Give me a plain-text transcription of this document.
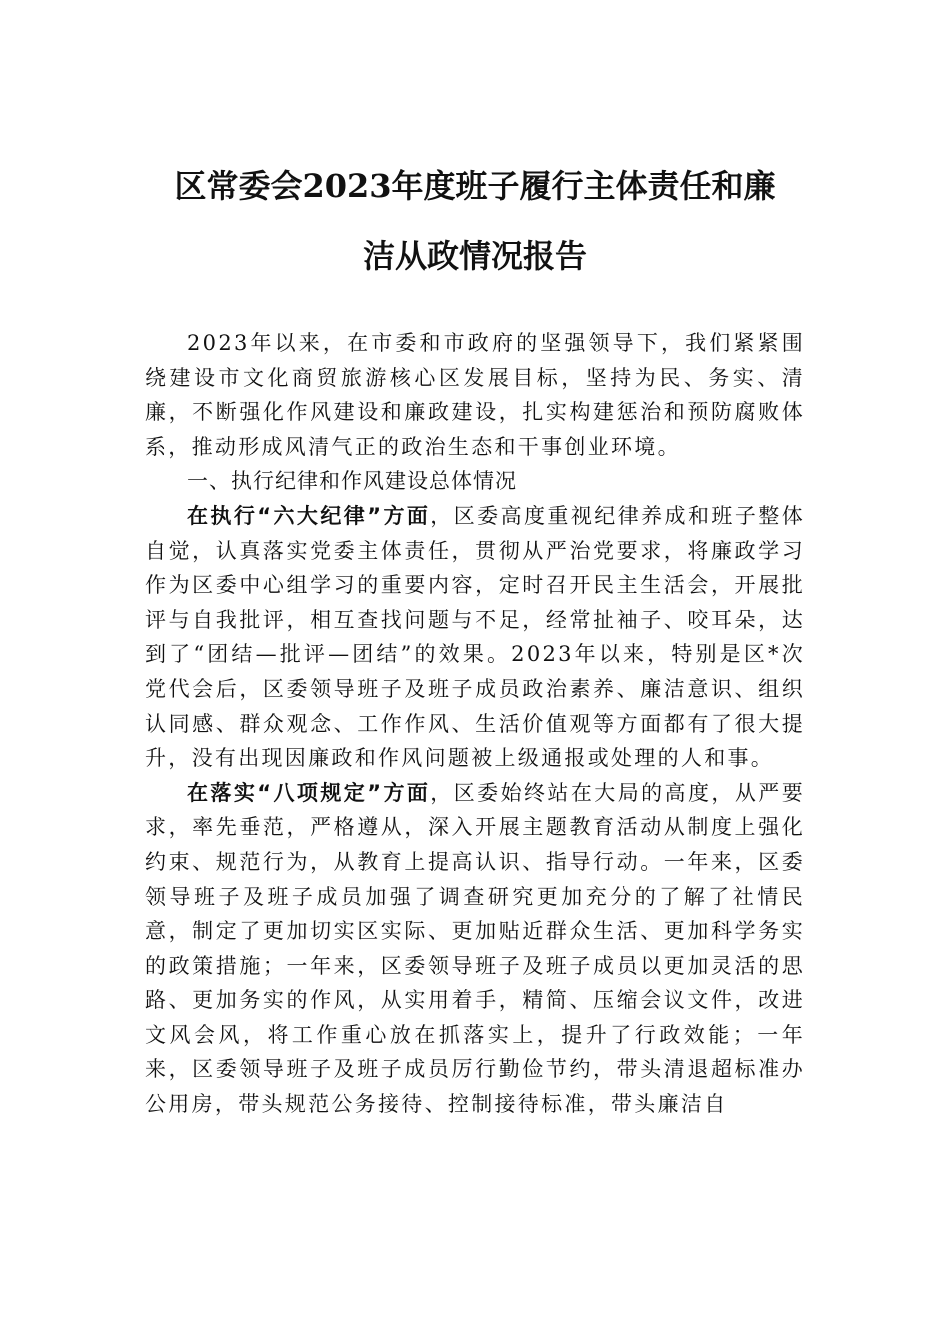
区常委会2023年度班子履行主体责任和廉
洁从政情况报告

2023年以来，在市委和市政府的坚强领导下，我们紧紧围绕建设市文化商贸旅游核心区发展目标，坚持为民、务实、清廉，不断强化作风建设和廉政建设，扎实构建惩治和预防腐败体系，推动形成风清气正的政治生态和干事创业环境。

一、执行纪律和作风建设总体情况

在执行“六大纪律”方面，区委高度重视纪律养成和班子整体自觉，认真落实党委主体责任，贯彻从严治党要求，将廉政学习作为区委中心组学习的重要内容，定时召开民主生活会，开展批评与自我批评，相互查找问题与不足，经常扯袖子、咬耳朵，达到了“团结—批评—团结”的效果。2023年以来，特别是区*次党代会后，区委领导班子及班子成员政治素养、廉洁意识、组织认同感、群众观念、工作作风、生活价值观等方面都有了很大提升，没有出现因廉政和作风问题被上级通报或处理的人和事。

在落实“八项规定”方面，区委始终站在大局的高度，从严要求，率先垂范，严格遵从，深入开展主题教育活动从制度上强化约束、规范行为，从教育上提高认识、指导行动。一年来，区委领导班子及班子成员加强了调查研究更加充分的了解了社情民意，制定了更加切实区实际、更加贴近群众生活、更加科学务实的政策措施；一年来，区委领导班子及班子成员以更加灵活的思路、更加务实的作风，从实用着手，精简、压缩会议文件，改进文风会风，将工作重心放在抓落实上，提升了行政效能；一年来，区委领导班子及班子成员厉行勤俭节约，带头清退超标准办公用房，带头规范公务接待、控制接待标准，带头廉洁自
